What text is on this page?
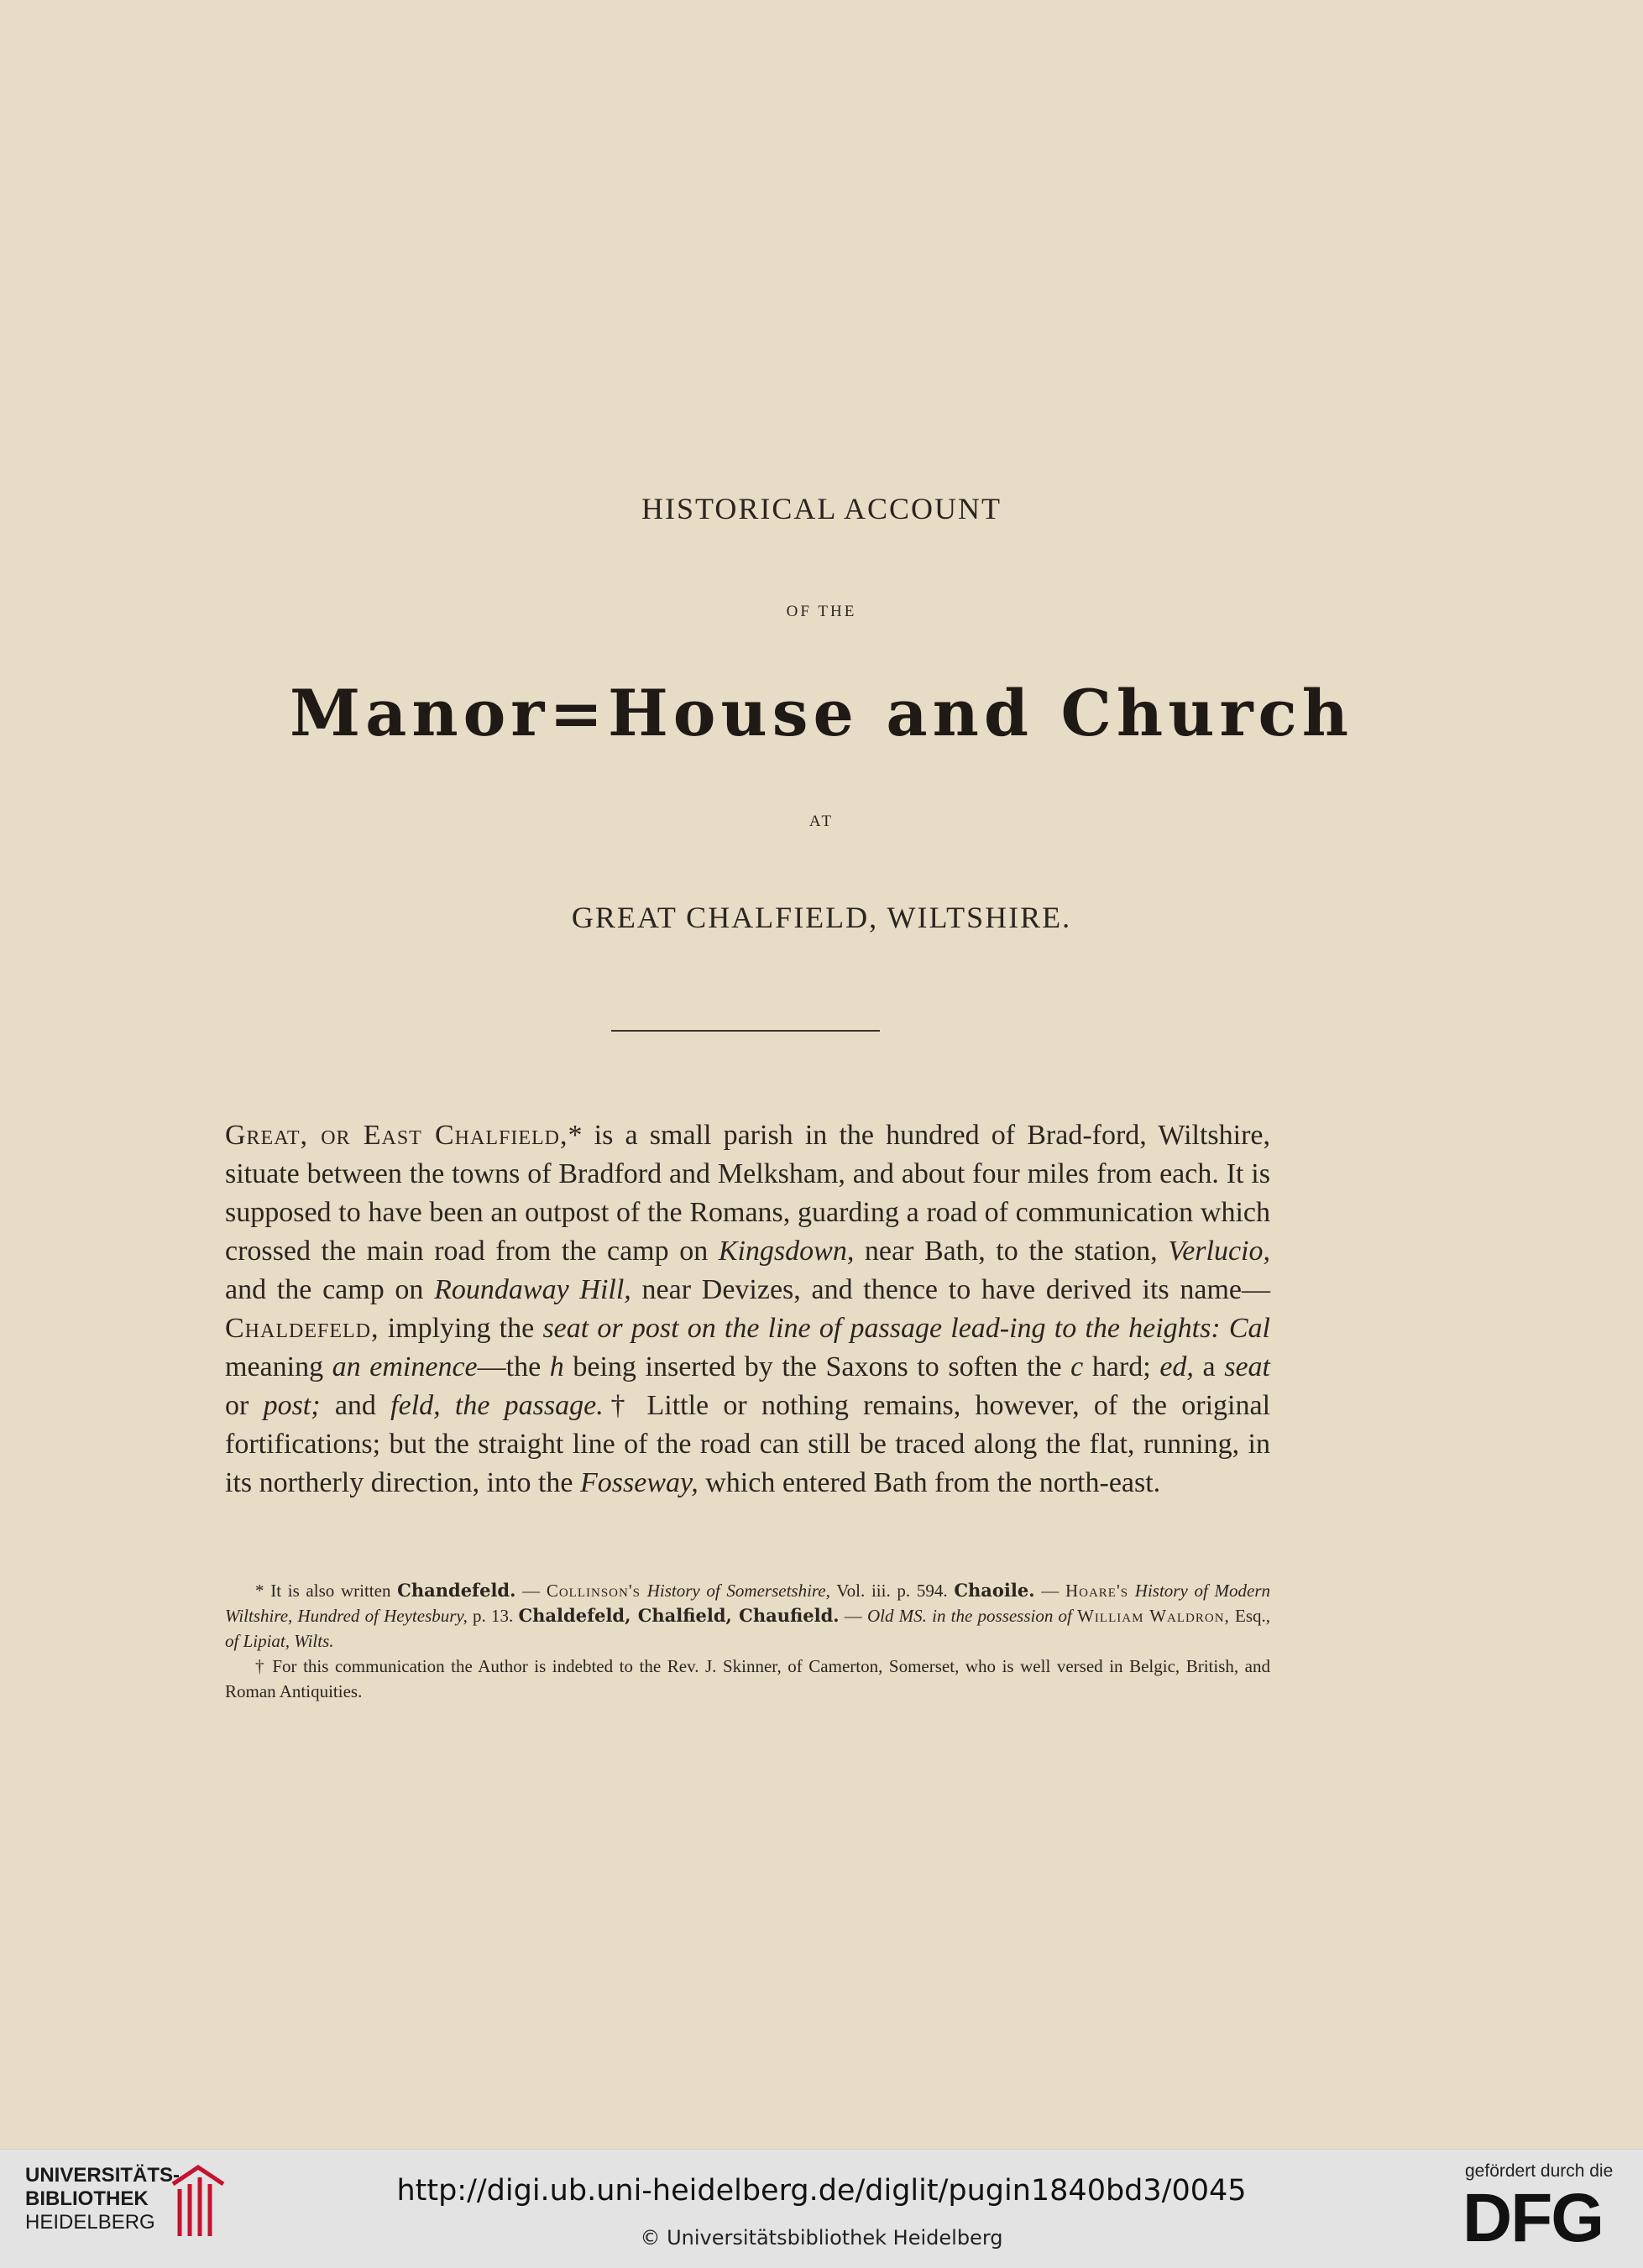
HISTORICAL ACCOUNT
OF THE
Manor=House and Church
AT
GREAT CHALFIELD, WILTSHIRE.

Great, or East Chalfield,* is a small parish in the hundred of Brad-ford, Wiltshire, situate between the towns of Bradford and Melksham, and about four miles from each. It is supposed to have been an outpost of the Romans, guarding a road of communication which crossed the main road from the camp on Kingsdown, near Bath, to the station, Verlucio, and the camp on Roundaway Hill, near Devizes, and thence to have derived its name—Chaldefeld, implying the seat or post on the line of passage lead-ing to the heights: Cal meaning an eminence—the h being inserted by the Saxons to soften the c hard; ed, a seat or post; and feld, the passage.† Little or nothing remains, however, of the original fortifications; but the straight line of the road can still be traced along the flat, running, in its northerly direction, into the Fosseway, which entered Bath from the north-east.

* It is also written Chandefeld. — Collinson's History of Somersetshire, Vol. iii. p. 594. Chaoile. — Hoare's History of Modern Wiltshire, Hundred of Heytesbury, p. 13. Chaldefeld, Chalfield, Chaufield. — Old MS. in the possession of William Waldron, Esq., of Lipiat, Wilts.

† For this communication the Author is indebted to the Rev. J. Skinner, of Camerton, Somerset, who is well versed in Belgic, British, and Roman Antiquities.

UNIVERSITÄTS-
BIBLIOTHEK
HEIDELBERG
http://digi.ub.uni-heidelberg.de/diglit/pugin1840bd3/0045
© Universitätsbibliothek Heidelberg
gefördert durch die
DFG
